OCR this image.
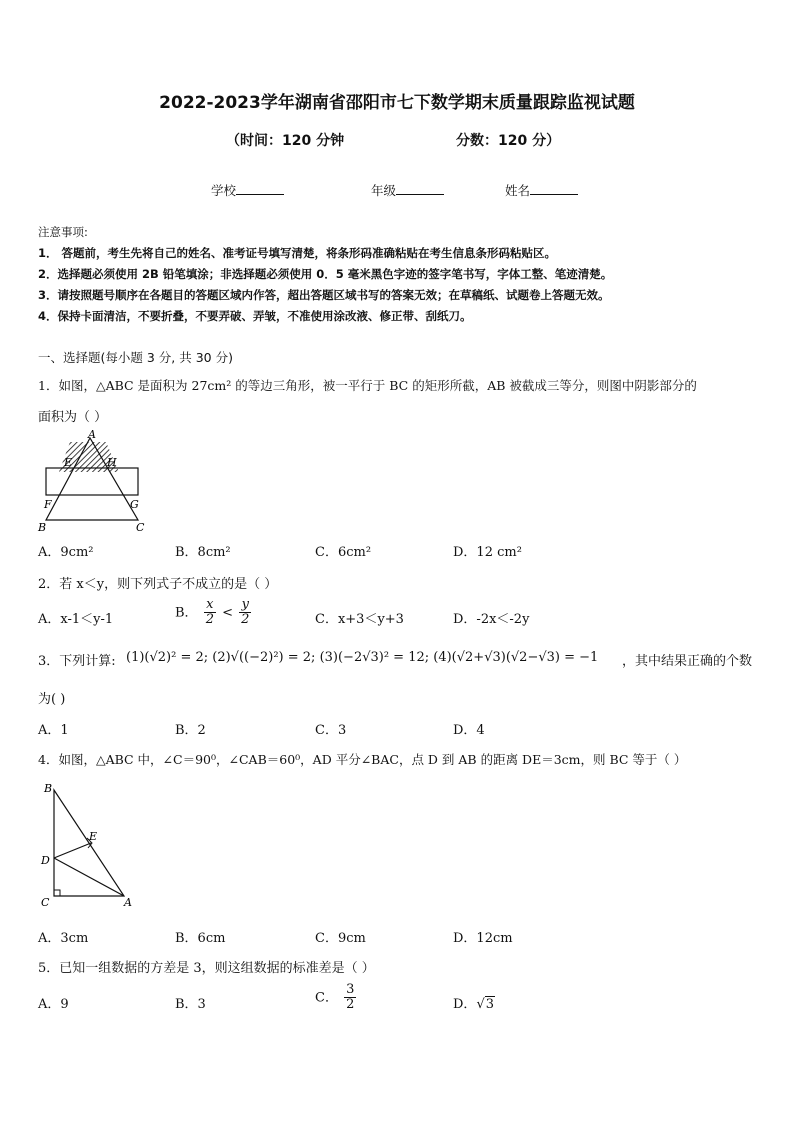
2022-2023学年湖南省邵阳市七下数学期末质量跟踪监视试题
（时间：120 分钟	分数：120 分）
学校	年级	姓名
注意事项:
1． 答题前，考生先将自己的姓名、准考证号填写清楚，将条形码准确粘贴在考生信息条形码粘贴区。
2．选择题必须使用 2B 铅笔填涂；非选择题必须使用 0．5 毫米黑色字迹的签字笔书写，字体工整、笔迹清楚。
3．请按照题号顺序在各题目的答题区域内作答，超出答题区域书写的答案无效；在草稿纸、试题卷上答题无效。
4．保持卡面清洁，不要折叠，不要弄破、弄皱，不准使用涂改液、修正带、刮纸刀。
一、选择题(每小题 3 分, 共 30 分)
1．如图，△ABC 是面积为 27cm² 的等边三角形，被一平行于 BC 的矩形所截，AB 被截成三等分，则图中阴影部分的
面积为（ ）
A
E	H
F	G
B	C
A．9cm²	B．8cm²	C．6cm²	D．12 cm²
2．若 x＜y，则下列式子不成立的是（ ）
A．x-1＜y-1	B． $\frac{x}{2} < \frac{y}{2}$	C．x+3＜y+3	D．-2x＜-2y
3．下列计算: (1)(√2)² = 2; (2)√((−2)²) = 2; (3)(−2√3)² = 12; (4)(√2+√3)(√2−√3) = −1 ，其中结果正确的个数
为( )
A．1	B．2	C．3	D．4
4．如图，△ABC 中，∠C＝90⁰，∠CAB＝60⁰，AD 平分∠BAC，点 D 到 AB 的距离 DE＝3cm，则 BC 等于（ ）
B
E
D
C	A
A．3cm	B．6cm	C．9cm	D．12cm
5．已知一组数据的方差是 3，则这组数据的标准差是（ ）
A．9	B．3	C． $\frac{3}{2}$	D．√3
